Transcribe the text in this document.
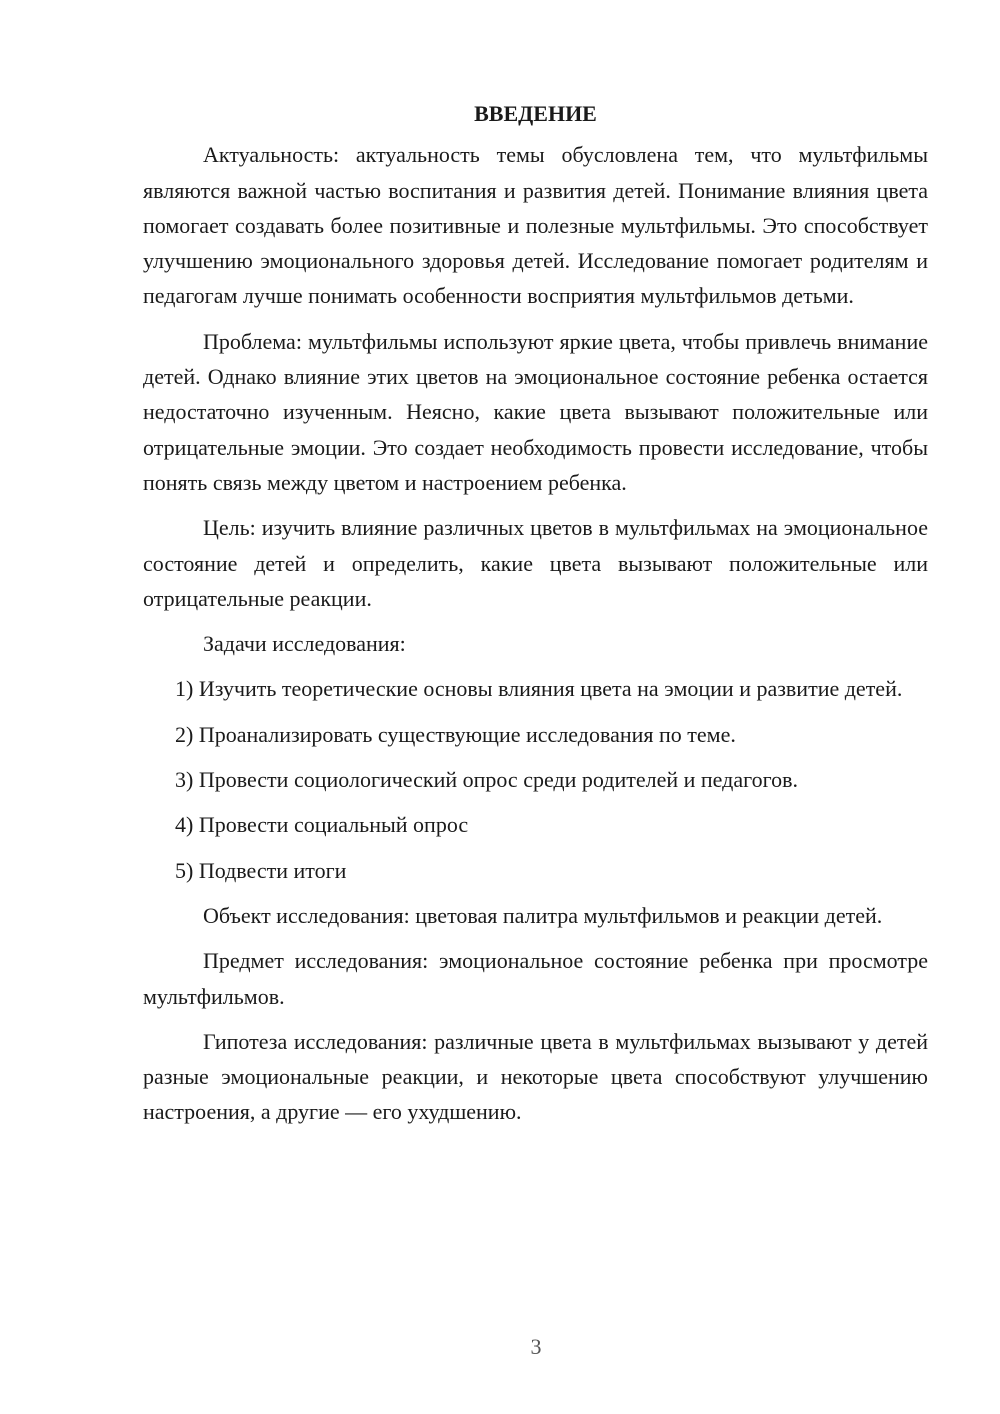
ВВЕДЕНИЕ

Актуальность: актуальность темы обусловлена тем, что мультфильмы являются важной частью воспитания и развития детей. Понимание влияния цвета помогает создавать более позитивные и полезные мультфильмы. Это способствует улучшению эмоционального здоровья детей. Исследование помогает родителям и педагогам лучше понимать особенности восприятия мультфильмов детьми.

Проблема: мультфильмы используют яркие цвета, чтобы привлечь внимание детей. Однако влияние этих цветов на эмоциональное состояние ребенка остается недостаточно изученным. Неясно, какие цвета вызывают положительные или отрицательные эмоции. Это создает необходимость провести исследование, чтобы понять связь между цветом и настроением ребенка.

Цель: изучить влияние различных цветов в мультфильмах на эмоциональное состояние детей и определить, какие цвета вызывают положительные или отрицательные реакции.

Задачи исследования:

1) Изучить теоретические основы влияния цвета на эмоции и развитие детей.

2) Проанализировать существующие исследования по теме.

3) Провести социологический опрос среди родителей и педагогов.

4) Провести социальный опрос

5) Подвести итоги

Объект исследования: цветовая палитра мультфильмов и реакции детей.

Предмет исследования: эмоциональное состояние ребенка при просмотре мультфильмов.

Гипотеза исследования: различные цвета в мультфильмах вызывают у детей разные эмоциональные реакции, и некоторые цвета способствуют улучшению настроения, а другие — его ухудшению.

3
